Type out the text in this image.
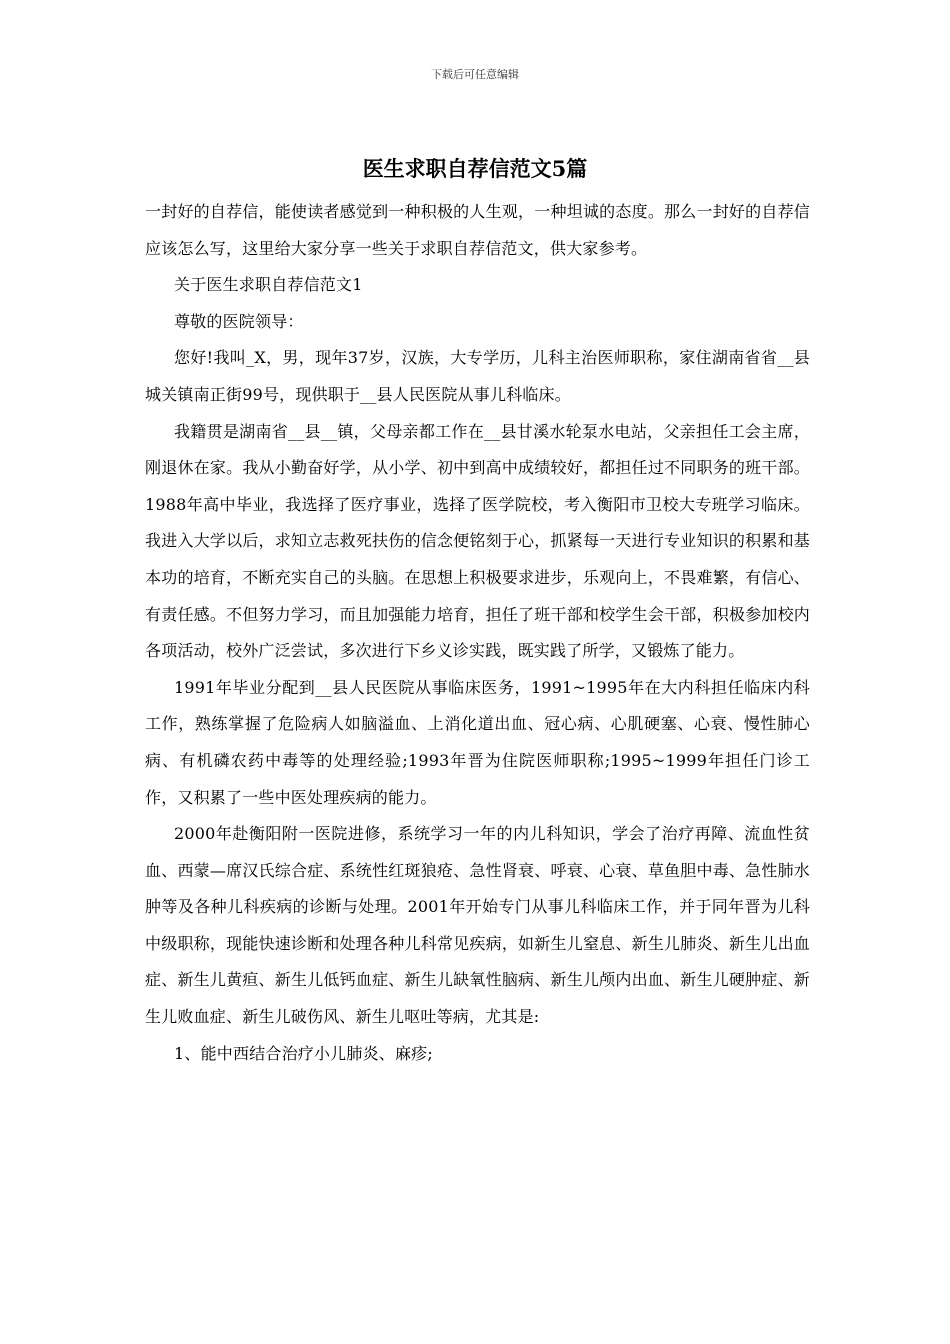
下载后可任意编辑
医生求职自荐信范文5篇

一封好的自荐信，能使读者感觉到一种积极的人生观，一种坦诚的态度。那么一封好的自荐信应该怎么写，这里给大家分享一些关于求职自荐信范文，供大家参考。

关于医生求职自荐信范文1

尊敬的医院领导：

您好!我叫_X，男，现年37岁，汉族，大专学历，儿科主治医师职称，家住湖南省省__县城关镇南正街99号，现供职于__县人民医院从事儿科临床。

我籍贯是湖南省__县__镇，父母亲都工作在__县甘溪水轮泵水电站，父亲担任工会主席，刚退休在家。我从小勤奋好学，从小学、初中到高中成绩较好，都担任过不同职务的班干部。1988年高中毕业，我选择了医疗事业，选择了医学院校，考入衡阳市卫校大专班学习临床。我进入大学以后，求知立志救死扶伤的信念便铭刻于心，抓紧每一天进行专业知识的积累和基本功的培育，不断充实自己的头脑。在思想上积极要求进步，乐观向上，不畏难繁，有信心、有责任感。不但努力学习，而且加强能力培育，担任了班干部和校学生会干部，积极参加校内各项活动，校外广泛尝试，多次进行下乡义诊实践，既实践了所学，又锻炼了能力。

1991年毕业分配到__县人民医院从事临床医务，1991~1995年在大内科担任临床内科工作，熟练掌握了危险病人如脑溢血、上消化道出血、冠心病、心肌硬塞、心衰、慢性肺心病、有机磷农药中毒等的处理经验;1993年晋为住院医师职称;1995~1999年担任门诊工作，又积累了一些中医处理疾病的能力。

2000年赴衡阳附一医院进修，系统学习一年的内儿科知识，学会了治疗再障、流血性贫血、西蒙—席汉氏综合症、系统性红斑狼疮、急性肾衰、呼衰、心衰、草鱼胆中毒、急性肺水肿等及各种儿科疾病的诊断与处理。2001年开始专门从事儿科临床工作，并于同年晋为儿科中级职称，现能快速诊断和处理各种儿科常见疾病，如新生儿窒息、新生儿肺炎、新生儿出血症、新生儿黄疸、新生儿低钙血症、新生儿缺氧性脑病、新生儿颅内出血、新生儿硬肿症、新生儿败血症、新生儿破伤风、新生儿呕吐等病，尤其是:

1、能中西结合治疗小儿肺炎、麻疹;
